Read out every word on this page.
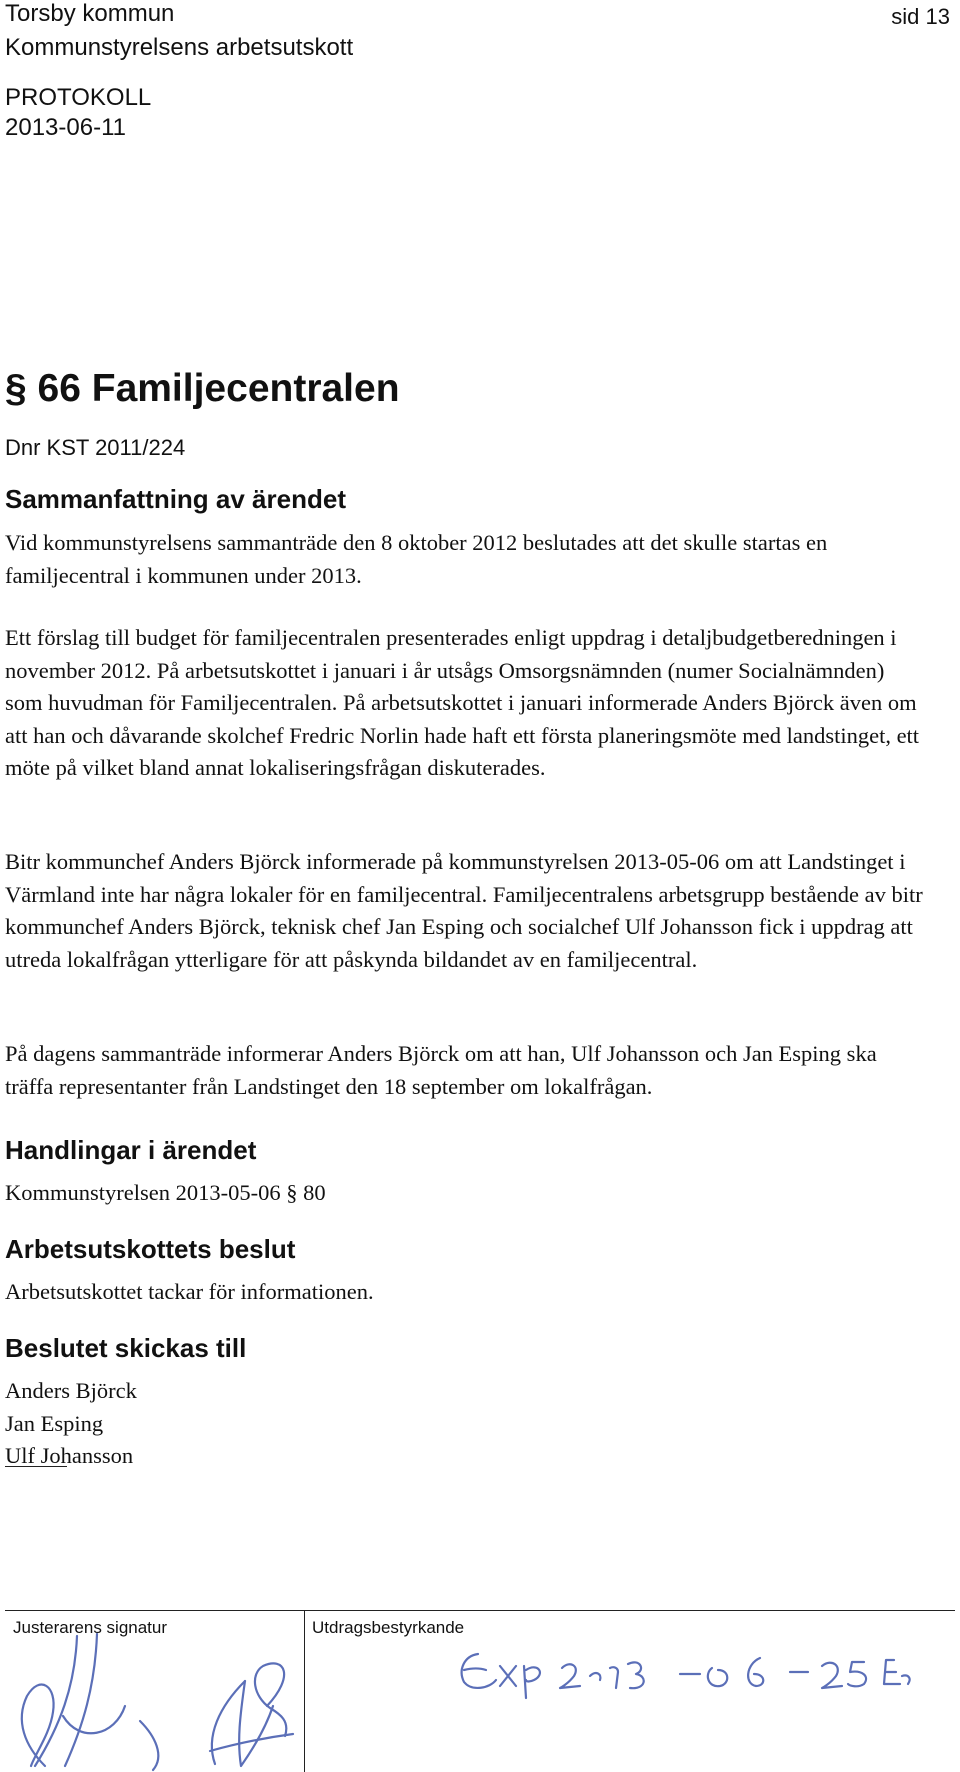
Torsby kommun
Kommunstyrelsens arbetsutskott
PROTOKOLL
2013-06-11
sid 13
§ 66 Familjecentralen
Dnr KST 2011/224
Sammanfattning av ärendet

Vid kommunstyrelsens sammanträde den 8 oktober 2012 beslutades att det skulle startas en familjecentral i kommunen under 2013.

Ett förslag till budget för familjecentralen presenterades enligt uppdrag i detaljbudgetberedningen i november 2012. På arbetsutskottet i januari i år utsågs Omsorgsnämnden (numer Socialnämnden) som huvudman för Familjecentralen. På arbetsutskottet i januari informerade Anders Björck även om att han och dåvarande skolchef Fredric Norlin hade haft ett första planeringsmöte med landstinget, ett möte på vilket bland annat lokaliseringsfrågan diskuterades.

Bitr kommunchef Anders Björck informerade på kommunstyrelsen 2013-05-06 om att Landstinget i Värmland inte har några lokaler för en familjecentral. Familjecentralens arbetsgrupp bestående av bitr kommunchef Anders Björck, teknisk chef Jan Esping och socialchef Ulf Johansson fick i uppdrag att utreda lokalfrågan ytterligare för att påskynda bildandet av en familjecentral.

På dagens sammanträde informerar Anders Björck om att han, Ulf Johansson och Jan Esping ska träffa representanter från Landstinget den 18 september om lokalfrågan.

Handlingar i ärendet
Kommunstyrelsen 2013-05-06 § 80
Arbetsutskottets beslut
Arbetsutskottet tackar för informationen.
Beslutet skickas till
Anders Björck
Jan Esping
Ulf Johansson
Justerarens signatur	Utdragsbestyrkande
